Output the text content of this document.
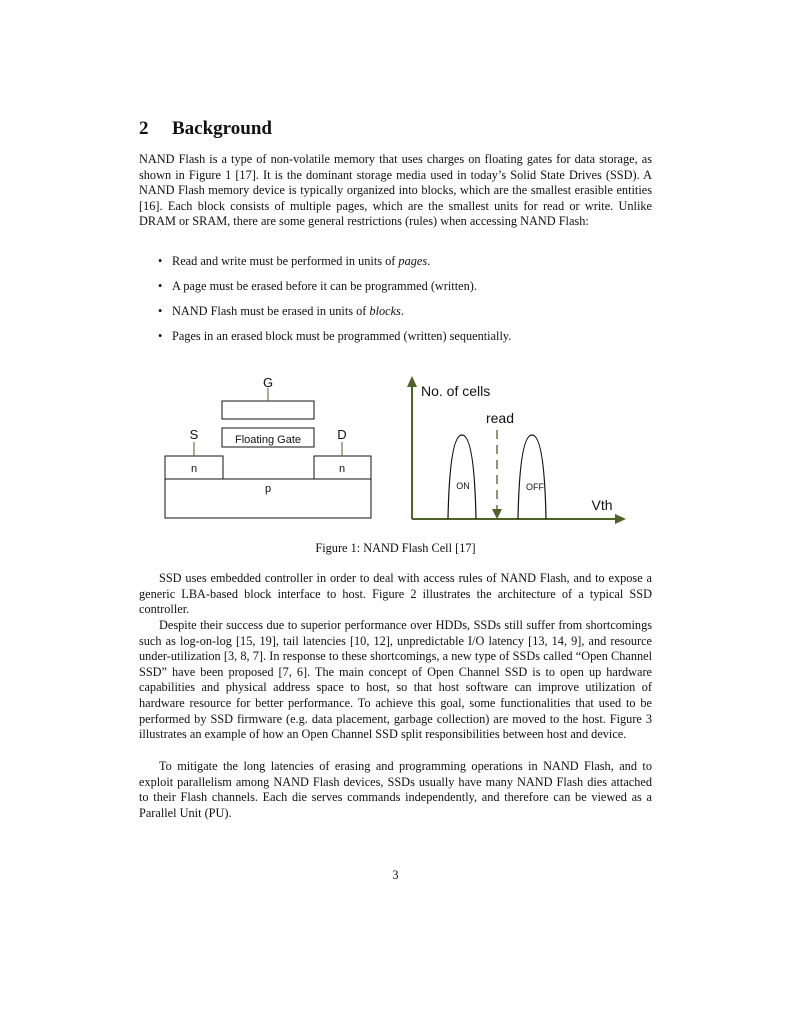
2 Background

NAND Flash is a type of non-volatile memory that uses charges on floating gates for data storage, as shown in Figure 1 [17]. It is the dominant storage media used in today’s Solid State Drives (SSD). A NAND Flash memory device is typically organized into blocks, which are the smallest erasible entities [16]. Each block consists of multiple pages, which are the smallest units for read or write. Unlike DRAM or SRAM, there are some general restrictions (rules) when accessing NAND Flash:

• Read and write must be performed in units of pages.
• A page must be erased before it can be programmed (written).
• NAND Flash must be erased in units of blocks.
• Pages in an erased block must be programmed (written) sequentially.
G
S	D
Floating Gate
n	n
p
No. of cells
read
ON	OFF
Vth

Figure 1: NAND Flash Cell [17]

SSD uses embedded controller in order to deal with access rules of NAND Flash, and to expose a generic LBA-based block interface to host. Figure 2 illustrates the architecture of a typical SSD controller.

Despite their success due to superior performance over HDDs, SSDs still suffer from shortcomings such as log-on-log [15, 19], tail latencies [10, 12], unpredictable I/O latency [13, 14, 9], and resource under-utilization [3, 8, 7]. In response to these shortcomings, a new type of SSDs called “Open Channel SSD” have been proposed [7, 6]. The main concept of Open Channel SSD is to open up hardware capabilities and physical address space to host, so that host software can improve utilization of hardware resource for better performance. To achieve this goal, some functionalities that used to be performed by SSD firmware (e.g. data placement, garbage collection) are moved to the host. Figure 3 illustrates an example of how an Open Channel SSD split responsibilities between host and device.

To mitigate the long latencies of erasing and programming operations in NAND Flash, and to exploit parallelism among NAND Flash devices, SSDs usually have many NAND Flash dies attached to their Flash channels. Each die serves commands independently, and therefore can be viewed as a Parallel Unit (PU).

3
